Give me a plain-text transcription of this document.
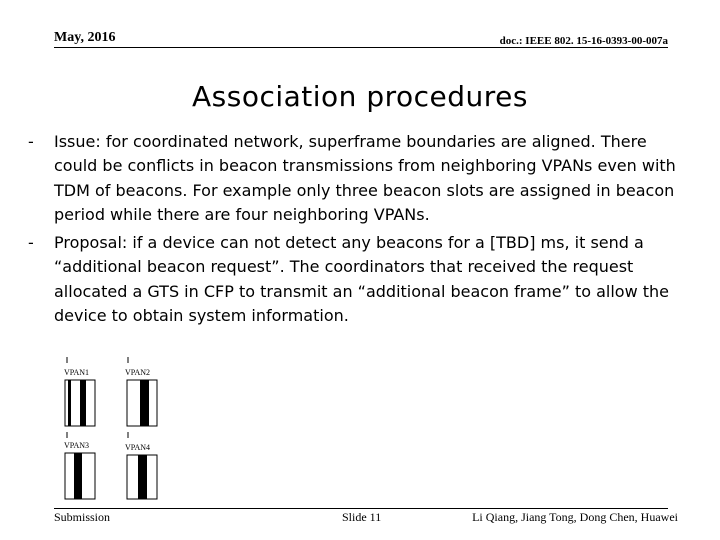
May, 2016	doc.: IEEE 802. 15-16-0393-00-007a
Association procedures
- Issue: for coordinated network, superframe boundaries are aligned. There could be conflicts in beacon transmissions from neighboring VPANs even with TDM of beacons. For example only three beacon slots are assigned in beacon period while there are four neighboring VPANs.
- Proposal: if a device can not detect any beacons for a [TBD] ms, it send a “additional beacon request”. The coordinators that received the request allocated a GTS in CFP to transmit an “additional beacon frame” to allow the device to obtain system information.
VPAN1	VPAN2
VPAN3	VPAN4
Submission	Slide 11	Li Qiang, Jiang Tong, Dong Chen, Huawei
